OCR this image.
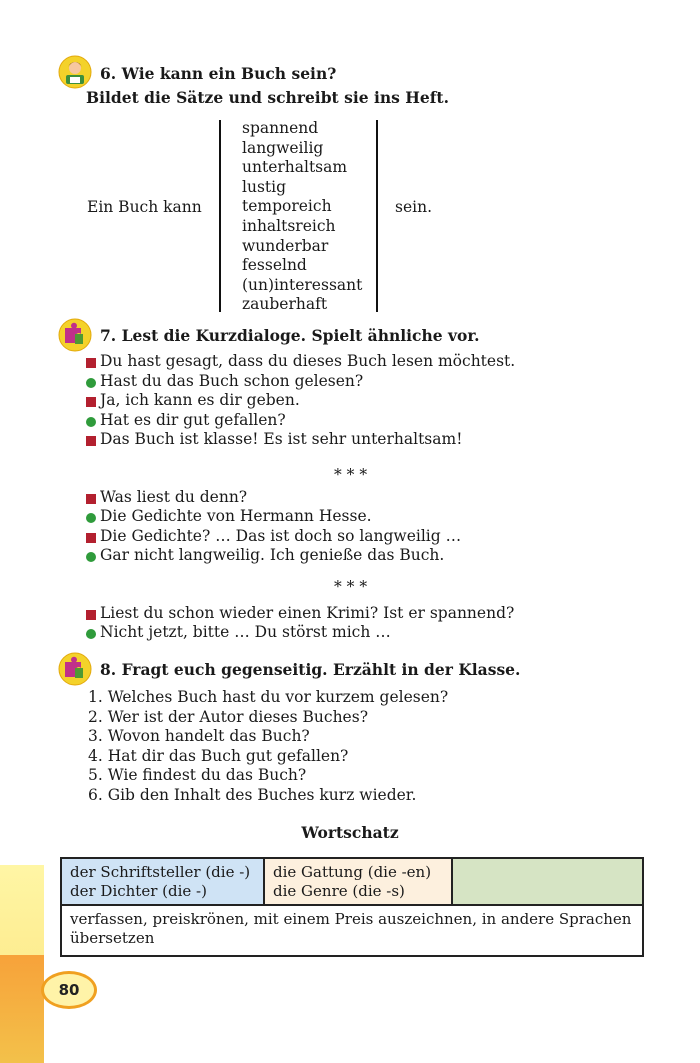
6. Wie kann ein Buch sein?
Bildet die Sätze und schreibt sie ins Heft.
Ein Buch kann
spannend
langweilig
unterhaltsam
lustig
temporeich
inhaltsreich
wunderbar
fesselnd
(un)interessant
zauberhaft
sein.
7. Lest die Kurzdialoge. Spielt ähnliche vor.
Du hast gesagt, dass du dieses Buch lesen möchtest.
Hast du das Buch schon gelesen?
Ja, ich kann es dir geben.
Hat es dir gut gefallen?
Das Buch ist klasse! Es ist sehr unterhaltsam!
* * *
Was liest du denn?
Die Gedichte von Hermann Hesse.
Die Gedichte? … Das ist doch so langweilig …
Gar nicht langweilig. Ich genieße das Buch.
* * *
Liest du schon wieder einen Krimi? Ist er spannend?
Nicht jetzt, bitte … Du störst mich …
8. Fragt euch gegenseitig. Erzählt in der Klasse.
1. Welches Buch hast du vor kurzem gelesen?
2. Wer ist der Autor dieses Buches?
3. Wovon handelt das Buch?
4. Hat dir das Buch gut gefallen?
5. Wie findest du das Buch?
6. Gib den Inhalt des Buches kurz wieder.
Wortschatz
der Schriftsteller (die -)
der Dichter (die -)

die Gattung (die -en)
die Genre (die -s)

verfassen, preiskrönen, mit einem Preis auszeichnen, in andere Sprachen übersetzen
80
